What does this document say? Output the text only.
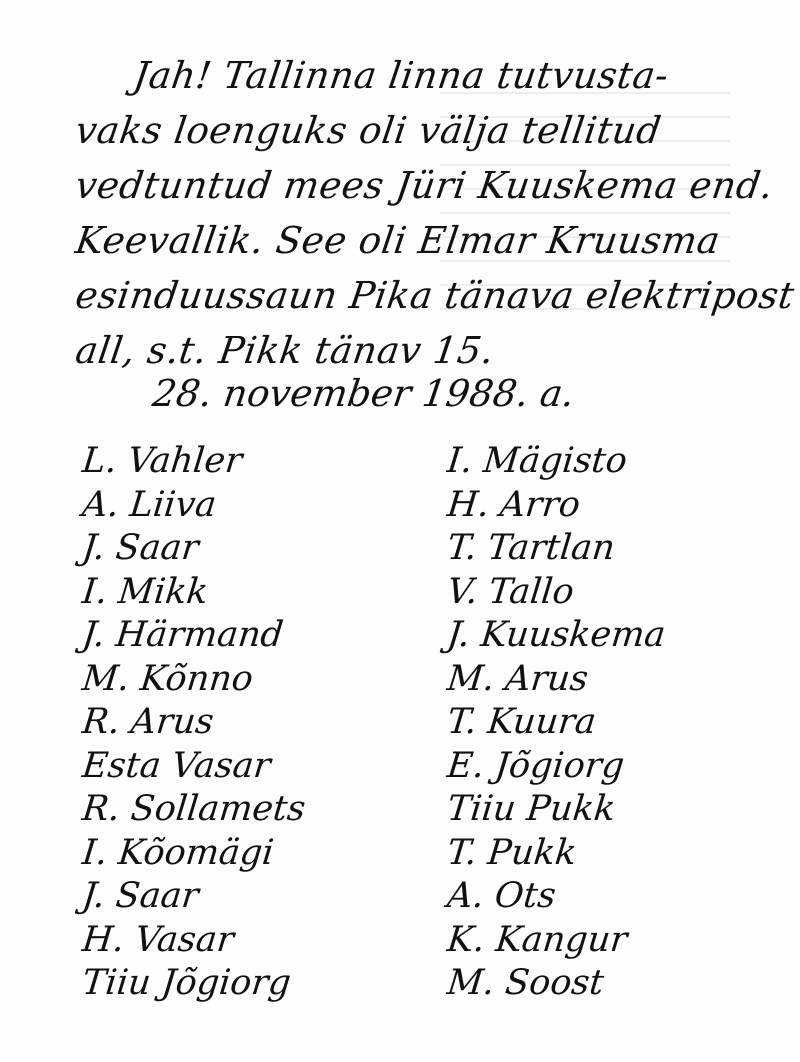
Jah! Tallinna linna tutvusta-
vaks loenguks oli välja tellitud
vedtuntud mees Jüri Kuuskema end.
Keevallik. See oli Elmar Kruusma
esinduussaun Pika tänava elektripost
all, s.t. Pikk tänav 15.
28. november 1988. a.
L. Vahler
A. Liiva
J. Saar
I. Mikk
J. Härmand
M. Kõnno
R. Arus
Esta Vasar
R. Sollamets
I. Kõomägi
J. Saar
H. Vasar
Tiiu Jõgiorg
I. Mägisto
H. Arro
T. Tartlan
V. Tallo
J. Kuuskema
M. Arus
T. Kuura
E. Jõgiorg
Tiiu Pukk
T. Pukk
A. Ots
K. Kangur
M. Soost
